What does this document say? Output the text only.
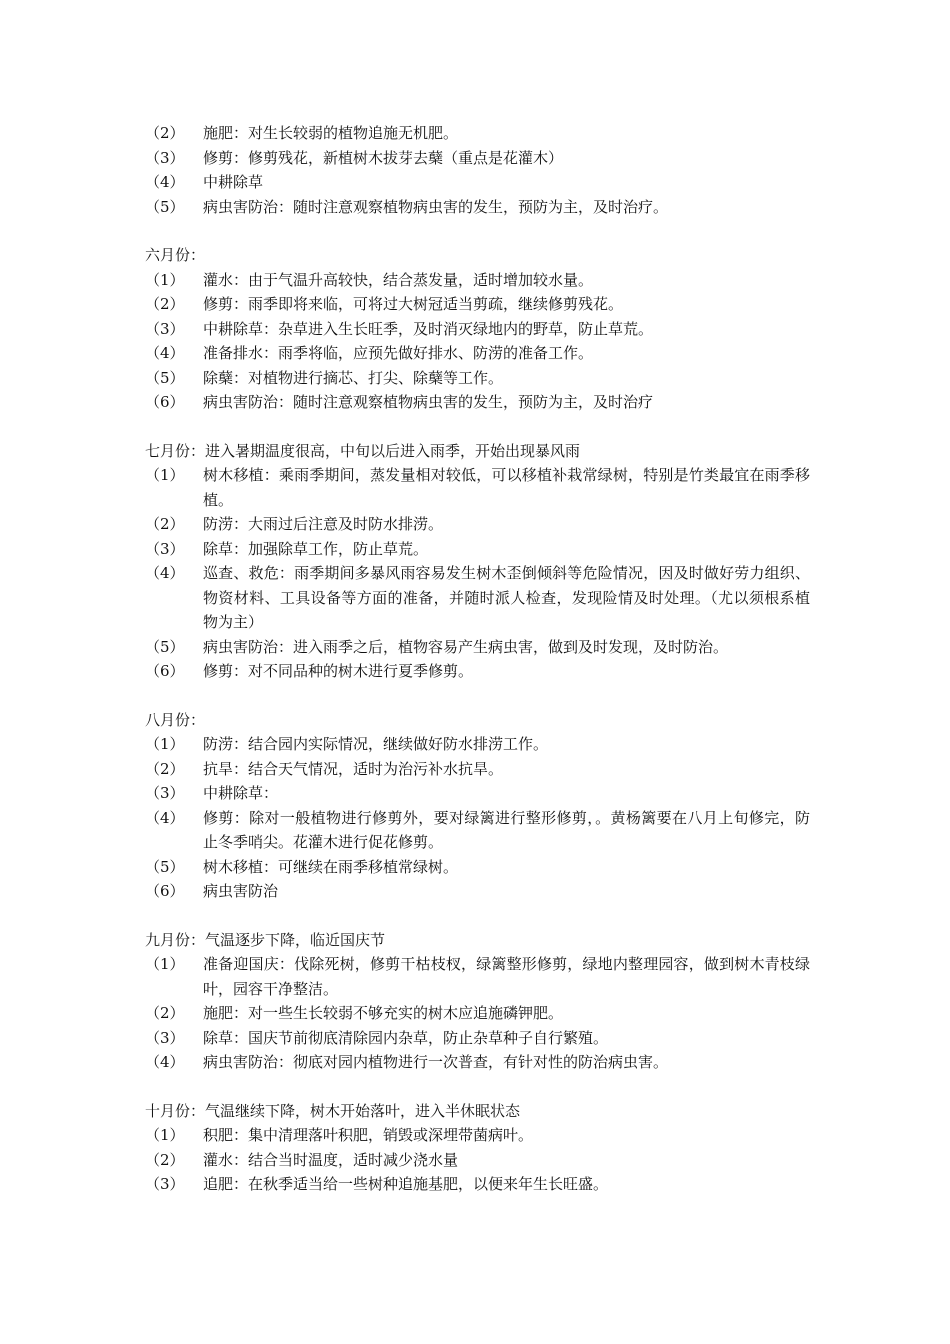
（2）	施肥：对生长较弱的植物追施无机肥。
（3）	修剪：修剪残花，新植树木拔芽去蘖（重点是花灌木）
（4）	中耕除草
（5）	病虫害防治：随时注意观察植物病虫害的发生，预防为主，及时治疗。
六月份：
（1）	灌水：由于气温升高较快，结合蒸发量，适时增加较水量。
（2）	修剪：雨季即将来临，可将过大树冠适当剪疏，继续修剪残花。
（3）	中耕除草：杂草进入生长旺季，及时消灭绿地内的野草，防止草荒。
（4）	准备排水：雨季将临，应预先做好排水、防涝的准备工作。
（5）	除蘖：对植物进行摘芯、打尖、除蘖等工作。
（6）	病虫害防治：随时注意观察植物病虫害的发生，预防为主，及时治疗
七月份：进入暑期温度很高，中旬以后进入雨季，开始出现暴风雨
（1）	树木移植：乘雨季期间，蒸发量相对较低，可以移植补栽常绿树，特别是竹类最宜在雨季移植。
（2）	防涝：大雨过后注意及时防水排涝。
（3）	除草：加强除草工作，防止草荒。
（4）	巡查、救危：雨季期间多暴风雨容易发生树木歪倒倾斜等危险情况，因及时做好劳力组织、物资材料、工具设备等方面的准备，并随时派人检查，发现险情及时处理。（尤以须根系植物为主）
（5）	病虫害防治：进入雨季之后，植物容易产生病虫害，做到及时发现，及时防治。
（6）	修剪：对不同品种的树木进行夏季修剪。
八月份：
（1）	防涝：结合园内实际情况，继续做好防水排涝工作。
（2）	抗旱：结合天气情况，适时为治污补水抗旱。
（3）	中耕除草：
（4）	修剪：除对一般植物进行修剪外，要对绿篱进行整形修剪，。黄杨篱要在八月上旬修完，防止冬季哨尖。花灌木进行促花修剪。
（5）	树木移植：可继续在雨季移植常绿树。
（6）	病虫害防治
九月份：气温逐步下降，临近国庆节
（1）	准备迎国庆：伐除死树，修剪干枯枝杈，绿篱整形修剪，绿地内整理园容，做到树木青枝绿叶，园容干净整洁。
（2）	施肥：对一些生长较弱不够充实的树木应追施磷钾肥。
（3）	除草：国庆节前彻底清除园内杂草，防止杂草种子自行繁殖。
（4）	病虫害防治：彻底对园内植物进行一次普查，有针对性的防治病虫害。
十月份：气温继续下降，树木开始落叶，进入半休眠状态
（1）	积肥：集中清理落叶积肥，销毁或深埋带菌病叶。
（2）	灌水：结合当时温度，适时减少浇水量
（3）	追肥：在秋季适当给一些树种追施基肥，以便来年生长旺盛。
